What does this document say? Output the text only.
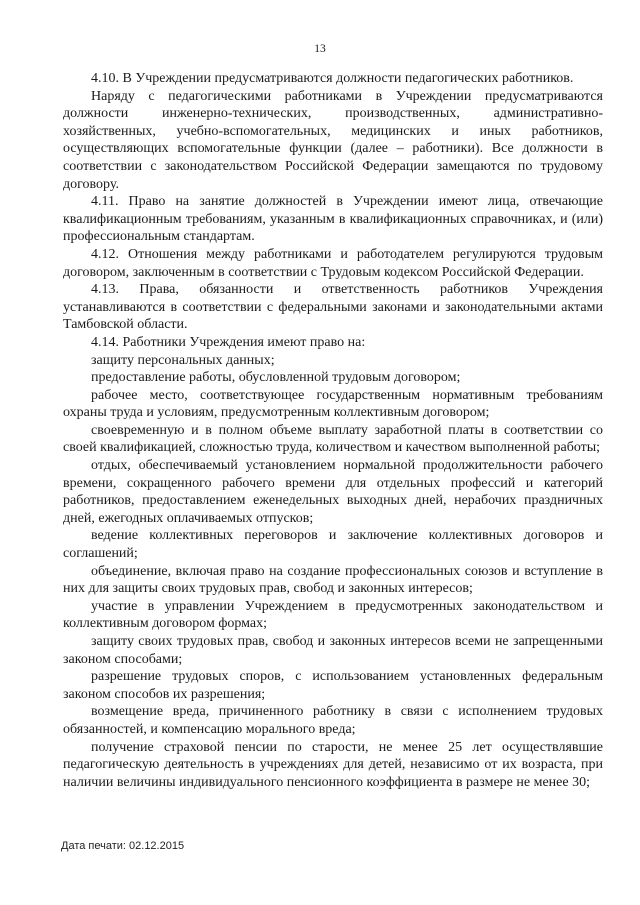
13

4.10. В Учреждении предусматриваются должности педагогических работников.

Наряду с педагогическими работниками в Учреждении предусматриваются должности инженерно-технических, производственных, административно-хозяйственных, учебно-вспомогательных, медицинских и иных работников, осуществляющих вспомогательные функции (далее – работники). Все должности в соответствии с законодательством Российской Федерации замещаются по трудовому договору.

4.11. Право на занятие должностей в Учреждении имеют лица, отвечающие квалификационным требованиям, указанным в квалификационных справочниках, и (или) профессиональным стандартам.

4.12. Отношения между работниками и работодателем регулируются трудовым договором, заключенным в соответствии с Трудовым кодексом Российской Федерации.

4.13. Права, обязанности и ответственность работников Учреждения устанавливаются в соответствии с федеральными законами и законодательными актами Тамбовской области.

4.14. Работники Учреждения имеют право на:

защиту персональных данных;

предоставление работы, обусловленной трудовым договором;

рабочее место, соответствующее государственным нормативным требованиям охраны труда и условиям, предусмотренным коллективным договором;

своевременную и в полном объеме выплату заработной платы в соответствии со своей квалификацией, сложностью труда, количеством и качеством выполненной работы;

отдых, обеспечиваемый установлением нормальной продолжительности рабочего времени, сокращенного рабочего времени для отдельных профессий и категорий работников, предоставлением еженедельных выходных дней, нерабочих праздничных дней, ежегодных оплачиваемых отпусков;

ведение коллективных переговоров и заключение коллективных договоров и соглашений;

объединение, включая право на создание профессиональных союзов и вступление в них для защиты своих трудовых прав, свобод и законных интересов;

участие в управлении Учреждением в предусмотренных законодательством и коллективным договором формах;

защиту своих трудовых прав, свобод и законных интересов всеми не запрещенными законом способами;

разрешение трудовых споров, с использованием установленных федеральным законом способов их разрешения;

возмещение вреда, причиненного работнику в связи с исполнением трудовых обязанностей, и компенсацию морального вреда;

получение страховой пенсии по старости, не менее 25 лет осуществлявшие педагогическую деятельность в учреждениях для детей, независимо от их возраста, при наличии величины индивидуального пенсионного коэффициента в размере не менее 30;

Дата печати: 02.12.2015
